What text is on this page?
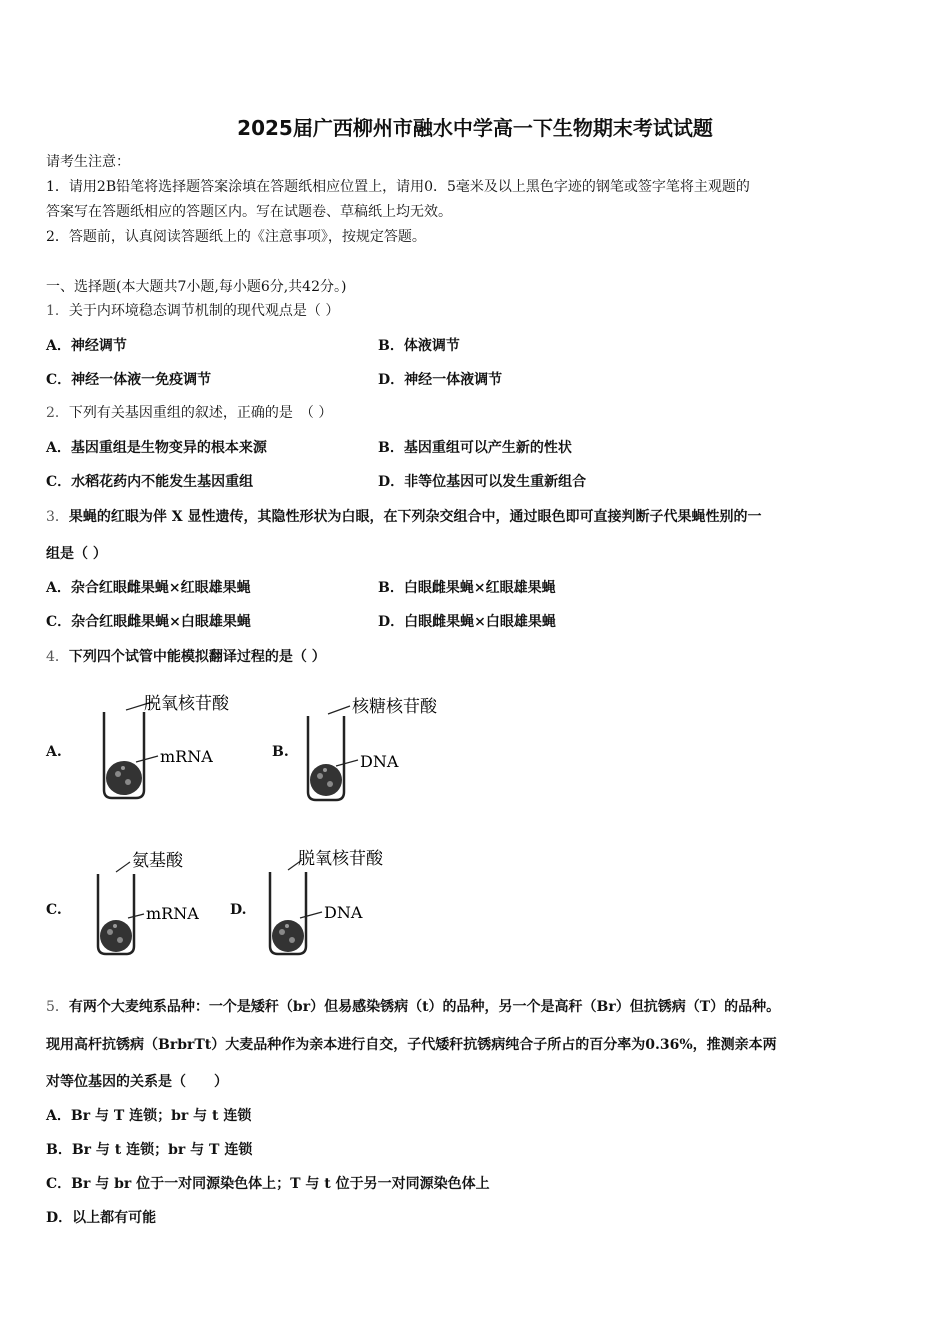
2025届广西柳州市融水中学高一下生物期末考试试题
请考生注意：
1．请用2B铅笔将选择题答案涂填在答题纸相应位置上，请用0．5毫米及以上黑色字迹的钢笔或签字笔将主观题的
答案写在答题纸相应的答题区内。写在试题卷、草稿纸上均无效。
2．答题前，认真阅读答题纸上的《注意事项》，按规定答题。
一、选择题(本大题共7小题,每小题6分,共42分。)
1．关于内环境稳态调节机制的现代观点是（ ）
A．神经调节	B．体液调节
C．神经一体液一免疫调节	D．神经一体液调节
2．下列有关基因重组的叙述，正确的是　（ ）
A．基因重组是生物变异的根本来源	B．基因重组可以产生新的性状
C．水稻花药内不能发生基因重组	D．非等位基因可以发生重新组合
3．果蝇的红眼为伴 X 显性遗传，其隐性形状为白眼，在下列杂交组合中，通过眼色即可直接判断子代果蝇性别的一
组是（ ）
A．杂合红眼雌果蝇×红眼雄果蝇	B．白眼雌果蝇×红眼雄果蝇
C．杂合红眼雌果蝇×白眼雄果蝇	D．白眼雌果蝇×白眼雄果蝇
4．下列四个试管中能模拟翻译过程的是（ ）
A.
脱氧核苷酸
mRNA	B.
核糖核苷酸
DNA
C.
氨基酸
mRNA D.
脱氧核苷酸
DNA
5．有两个大麦纯系品种：一个是矮秆（br）但易感染锈病（t）的品种，另一个是高秆（Br）但抗锈病（T）的品种。
现用高杆抗锈病（BrbrTt）大麦品种作为亲本进行自交，子代矮秆抗锈病纯合子所占的百分率为0.36%，推测亲本两
对等位基因的关系是（　　）
A．Br 与 T 连锁；br 与 t 连锁
B．Br 与 t 连锁；br 与 T 连锁
C．Br 与 br 位于一对同源染色体上；T 与 t 位于另一对同源染色体上
D．以上都有可能
